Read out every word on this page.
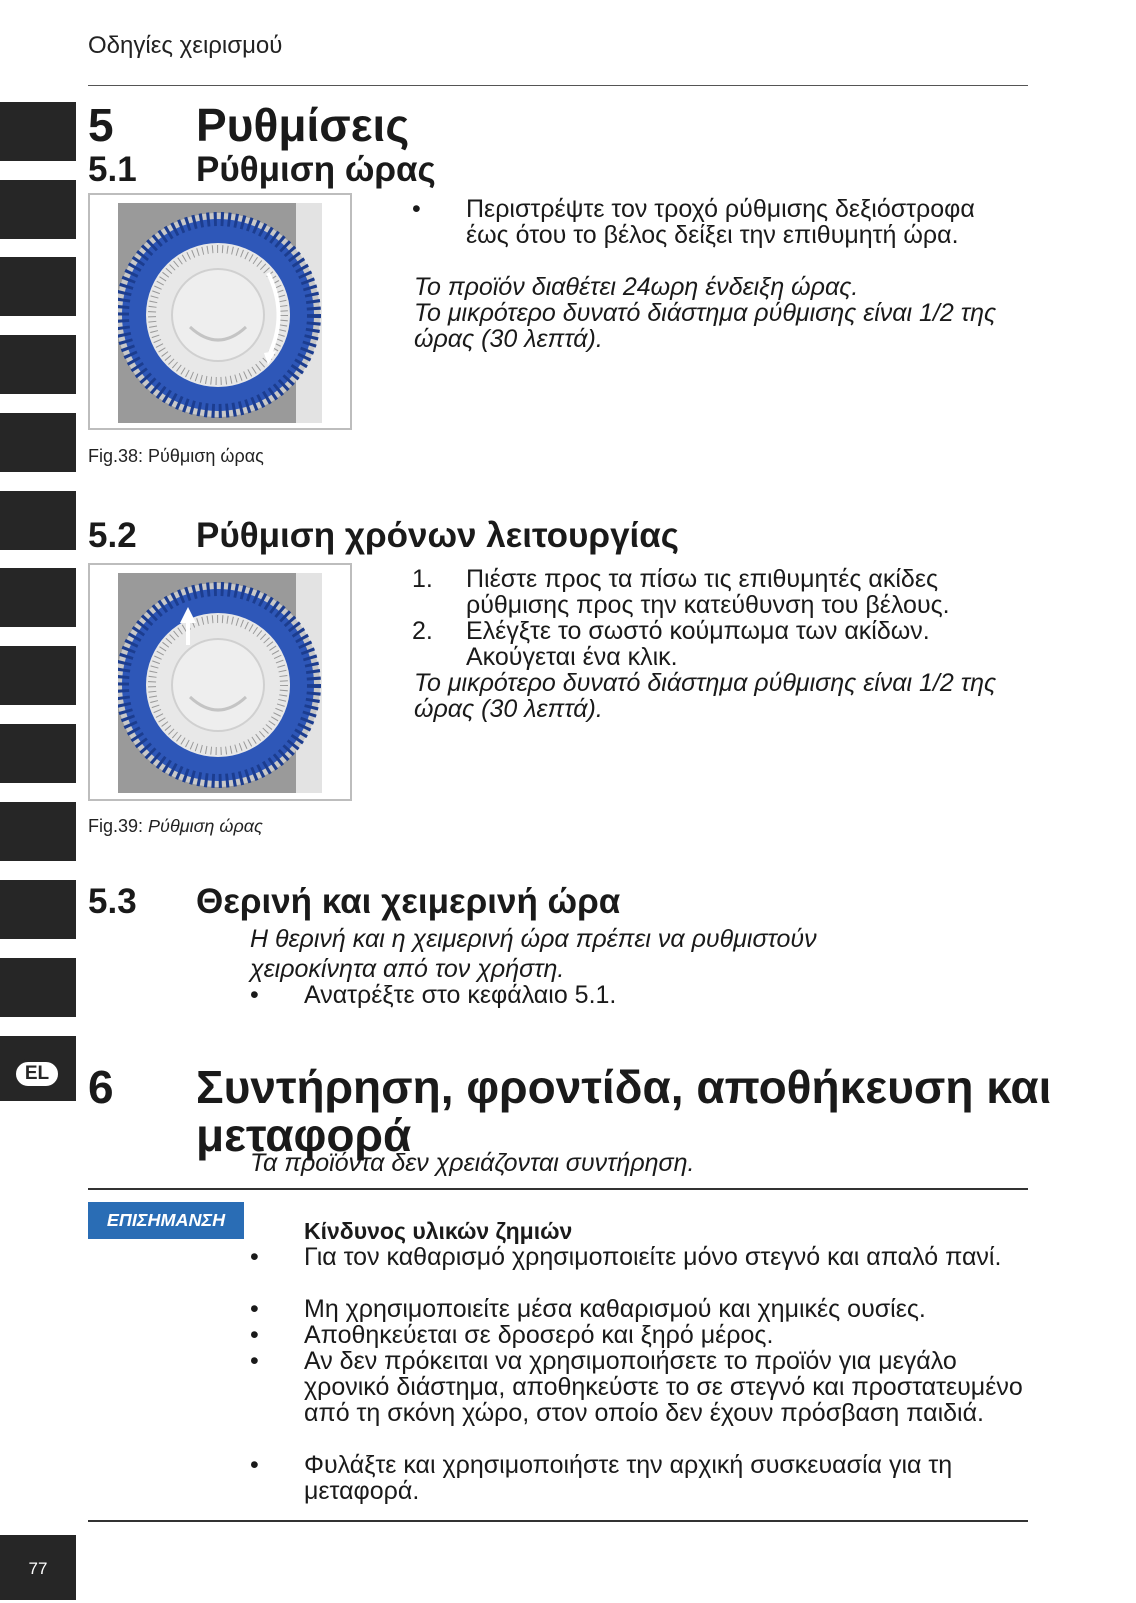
Οδηγίες χειρισμού
EL
77
5 Ρυθμίσεις
5.1 Ρύθμιση ώρας
Fig.38: Ρύθμιση ώρας
• Περιστρέψτε τον τροχό ρύθμισης δεξιόστροφα έως ότου το βέλος δείξει την επιθυμητή ώρα.
Το προϊόν διαθέτει 24ωρη ένδειξη ώρας.
Το μικρότερο δυνατό διάστημα ρύθμισης είναι 1/2 της ώρας (30 λεπτά).
5.2 Ρύθμιση χρόνων λειτουργίας
Fig.39: Ρύθμιση ώρας
1. Πιέστε προς τα πίσω τις επιθυμητές ακίδες ρύθμισης προς την κατεύθυνση του βέλους.
2. Ελέγξτε το σωστό κούμπωμα των ακίδων. Ακούγεται ένα κλικ.
Το μικρότερο δυνατό διάστημα ρύθμισης είναι 1/2 της ώρας (30 λεπτά).
5.3 Θερινή και χειμερινή ώρα
Η θερινή και η χειμερινή ώρα πρέπει να ρυθμιστούν χειροκίνητα από τον χρήστη.
• Ανατρέξτε στο κεφάλαιο 5.1.
6 Συντήρηση, φροντίδα, αποθήκευση και
μεταφορά
Τα προϊόντα δεν χρειάζονται συντήρηση.
ΕΠΙΣΗΜΑΝΣΗ	Κίνδυνος υλικών ζημιών
• Για τον καθαρισμό χρησιμοποιείτε μόνο στεγνό και απαλό πανί.
• Μη χρησιμοποιείτε μέσα καθαρισμού και χημικές ουσίες.
• Αποθηκεύεται σε δροσερό και ξηρό μέρος.
• Αν δεν πρόκειται να χρησιμοποιήσετε το προϊόν για μεγάλο χρονικό διάστημα, αποθηκεύστε το σε στεγνό και προστατευμένο από τη σκόνη χώρο, στον οποίο δεν έχουν πρόσβαση παιδιά.
• Φυλάξτε και χρησιμοποιήστε την αρχική συσκευασία για τη μεταφορά.
